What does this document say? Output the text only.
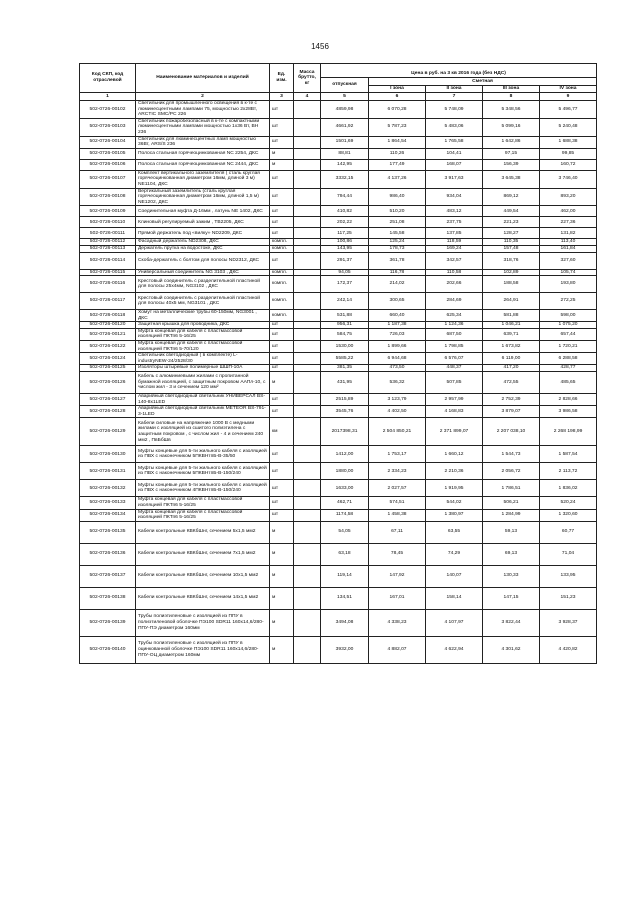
1456
Код СКП, код отраслевой	Наименование материалов и изделий	Ед. изм.	Масса брутто, кг	Цена в руб. на 3 кв 2016 года (без НДС)				
				отпускная	Сметная			
					I зона	II зона	III зона	IV зона
1	2	3	4	5	6	7	8	9
502-0726-00102	Светильник для промышленного освещения в к-те с люминесцентными лампами 75, мощностью 2х28Вт, ARCTIC SMC/PC 226	шт		4859,98	6 070,28	5 748,09	5 348,56	5 496,77
502-0726-00103	Светильник пожаробезопасный в к-те с компактными люминесцентными лампами мощностью 1х36 Вт, BH 236	шт		4661,92	5 787,23	5 483,06	5 099,16	5 240,48
502-0726-00104	Светильник для люминесцентных ламп мощностью 36Вт, ARS/S 236	шт		1501,69	1 864,54	1 765,58	1 642,86	1 688,38
502-0726-00105	Полоса стальная горячеоцинкованная NC 2254, ДКС	м		88,81	110,26	104,41	97,15	99,85
502-0726-00106	Полоса стальная горячеоцинкованная NC 2444, ДКС	м		142,95	177,49	168,07	156,39	160,72
502-0726-00107	Комплект вертикального заземлителя ( сталь круглая горячеоцинкованная диаметром 16мм, длиной 3 м) NE1104, ДКС	шт		3332,15	4 137,26	3 917,63	3 645,38	3 746,40
502-0726-00108	Вертикальный заземлитель (сталь круглая горячеоцинкованная диаметром 16мм, длиной 1,5 м) NE1202, ДКС	шт		794,44	986,40	934,04	869,12	893,20
502-0726-00109	Соединительная муфта Д-16мм , латунь NE 1402, ДКС	шт		410,82	510,20	483,12	449,54	462,00
502-0726-00110	Клиновый регулируемый зажим , ТВ2205, ДКС	шт		202,22	251,08	237,75	221,23	227,36
502-0726-00111	Прямой держатель под «вилку» ND2209, ДКС	шт		117,25	145,58	137,85	128,27	131,82
502-0726-00112	Фасадный держатель ND2308, ДКС	компл.		100,86	125,24	118,59	110,35	113,40
502-0726-00113	Держатель прутка на водостоке, ДКС	компл.		143,95	178,73	169,24	157,48	161,84
502-0726-00114	Скоба-держатель с болтом для полосы ND2312, ДКС	шт		291,37	361,78	342,57	318,76	327,60
502-0726-00115	Универсальный соединитель NG 3103 , ДКС	компл.		94,05	116,78	110,58	102,89	105,74
502-0726-00116	Крестовый соединитель с разделительной пластиной для полосы 25х4мм, NG3102 , ДКС	компл.		172,37	214,02	202,66	188,58	193,80
502-0726-00117	Крестовый соединитель с разделительной пластиной для полосы 40х5 мм, NG3101 , ДКС	компл.		242,14	300,65	284,69	264,91	272,25
502-0726-00118	Хомут на металлические трубы 60-150мм, NG3001 , ДКС	компл.		531,88	660,40	625,34	581,88	598,00
502-0726-00120	Защитная крышка для проводника, ДКС	шт		956,31	1 187,38	1 124,36	1 046,21	1 075,20
502-0726-00121	Муфта концевая для кабеля с пластмассовой изоляцией ПКТп6 5-16/25	шт		584,75	726,03	687,50	639,71	657,44
502-0726-00122	Муфта концевая для кабеля с пластмассовой изоляцией ПКТп6 5-70/120	шт		1530,00	1 899,66	1 798,85	1 673,82	1 720,21
502-0726-00124	Светильник светодиодный ( в комплекте) L-industryNEW-24/2528/30	шт		5585,22	6 944,68	6 576,07	6 119,00	6 288,58
502-0726-00125	Изоляторы штыревые полимерные ШШП-10А	шт		381,35	473,50	448,37	417,20	428,77
502-0726-00126	Кабель с алюминиевыми жилами с пропитанной бумажной изоляцией, с защитным покровом ААПл-10, с числом жил - 3 и сечением 120 мм²	м		431,95	536,32	507,85	472,55	485,65
502-0726-00127	Аварийный светодиодный светильник УНИВЕРСАЛ BS-140-8х1LED	шт		2515,89	3 123,79	2 957,99	2 752,39	2 828,66
502-0726-00128	Аварийный светодиодный светильник METEOR BS-791-3-1LED	шт		3545,76	4 402,50	4 168,83	3 879,07	3 986,58
502-0726-00129	Кабели силовые на напряжение 1000 В с медными жилами с изоляцией из сшитого полиэтилена с защитным покровом , с числом жил - 4 и сечением 240 мм2 , ПвБбШв	км		2017398,31	2 504 850,21	2 371 899,07	2 207 038,10	2 268 198,99
502-0726-00130	Муфты концевые для 5-ти жильного кабеля с изоляцией из ПВХ с наконечником 5ПКВНтпБ-В-35/50	шт		1412,00	1 753,17	1 660,12	1 544,73	1 587,54
502-0726-00131	Муфты концевые для 5-ти жильного кабеля с изоляцией из ПВХ с наконечником 5ПКВНтпБ-В-150/240	шт		1880,00	2 334,23	2 210,36	2 056,72	2 113,72
502-0726-00132	Муфты концевые для 5-ти жильного кабеля с изоляцией из ПВХ с наконечником 4ПКВНтпБ-В-150/240	шт		1633,00	2 027,57	1 919,95	1 786,51	1 836,02
502-0726-00133	Муфта концевая для кабеля с пластмассовой изоляцией ПКТп6 5-16/25	шт		462,71	574,51	544,02	506,21	520,24
502-0726-00134	Муфта концевая для кабеля с пластмассовой изоляцией ПКТп6 5-16/25	шт		1174,58	1 458,38	1 380,97	1 284,99	1 320,60
502-0726-00135	Кабели контрольные КВКбШнг, сечением 5х1,5 мм2	м		54,05	67,11	63,55	59,13	60,77
502-0726-00136	Кабели контрольные КВКбШнг, сечением 7х1,5 мм2	м		63,18	78,45	74,29	69,13	71,04
502-0726-00137	Кабели контрольные КВКбШнг, сечением 10х1,5 мм2	м		119,14	147,92	140,07	130,33	133,95
502-0726-00138	Кабели контрольные КВКбШнг, сечением 14х1,5 мм2	м		134,51	167,01	158,14	147,15	151,23
502-0726-00139	Трубы полиэтиленовые с изоляцией из ППУ в полиэтиленовой оболочке ПЭ100 SDR11 160х14,6/280-ППУ-ПЭ диаметром 160мм	м		3494,08	4 338,23	4 107,97	3 822,44	3 928,37
502-0726-00140	Трубы полиэтиленовые с изоляцией из ППУ в оцинкованной оболочке ПЭ100 SDR11 160х14,6/280-ППУ-ОЦ диаметром 160мм	м		3932,00	4 882,07	4 622,94	4 301,62	4 420,82
